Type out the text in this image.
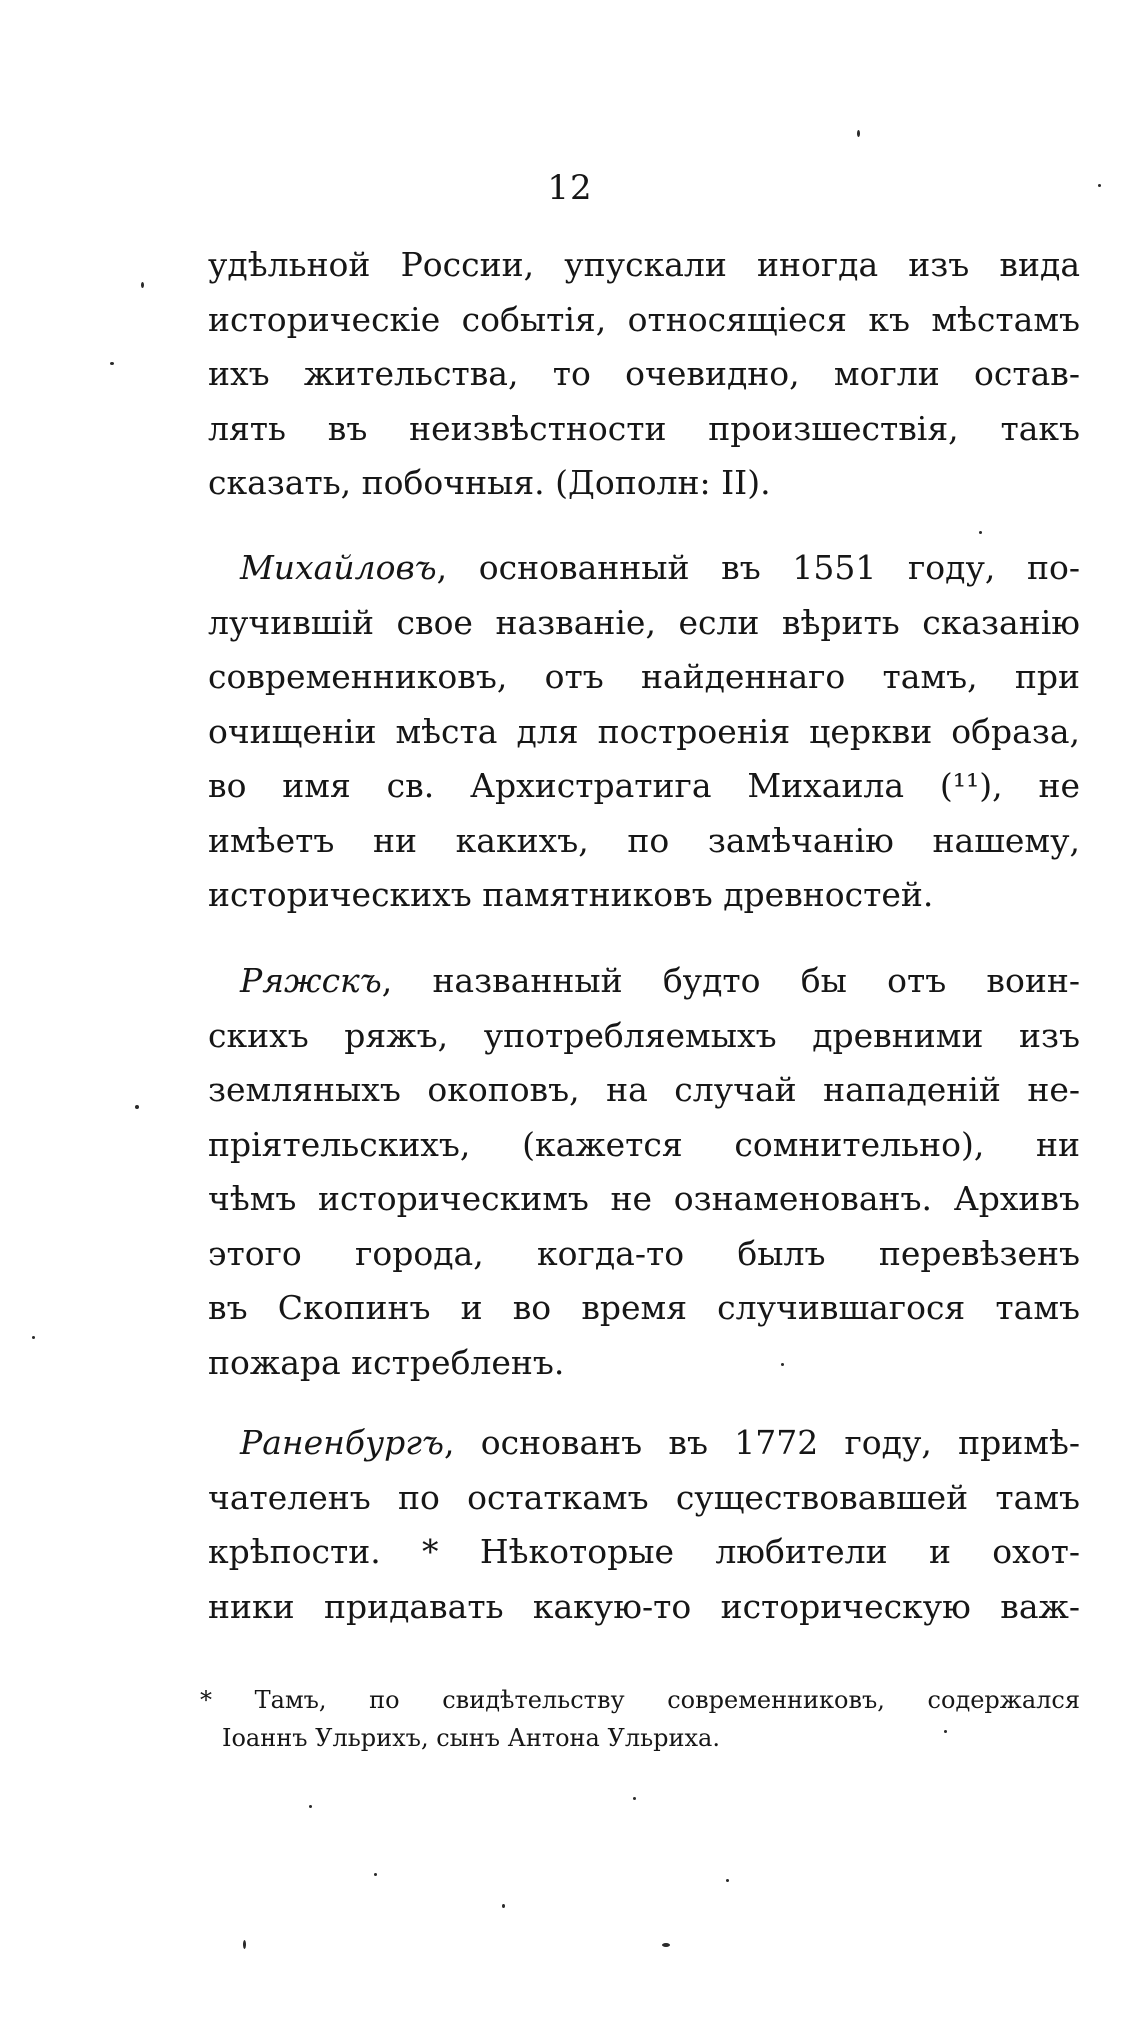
12
удѣльной России, упускали иногда изъ вида
историческіе событія, относящіеся къ мѣстамъ
ихъ жительства, то очевидно, могли остав-
лять въ неизвѣстности произшествія, такъ
сказать, побочныя. (Дополн: II).
Михайловъ, основанный въ 1551 году, по-
лучившій свое названіе, если вѣрить сказанію
современниковъ, отъ найденнаго тамъ, при
очищеніи мѣста для построенія церкви образа,
во имя св. Архистратига Михаила (¹¹), не
имѣетъ ни какихъ, по замѣчанію нашему,
историческихъ памятниковъ древностей.
Ряжскъ, названный будто бы отъ воин-
скихъ ряжъ, употребляемыхъ древними изъ
земляныхъ окоповъ, на случай нападеній не-
пріятельскихъ, (кажется сомнительно), ни
чѣмъ историческимъ не ознаменованъ. Архивъ
этого города, когда-то былъ перевѣзенъ
въ Скопинъ и во время случившагося тамъ
пожара истребленъ.
Раненбургъ, основанъ въ 1772 году, примѣ-
чателенъ по остаткамъ существовавшей тамъ
крѣпости. * Нѣкоторые любители и охот-
ники придавать какую-то историческую важ-
* Тамъ, по свидѣтельству современниковъ, содержался
Іоаннъ Ульрихъ, сынъ Антона Ульриха.
